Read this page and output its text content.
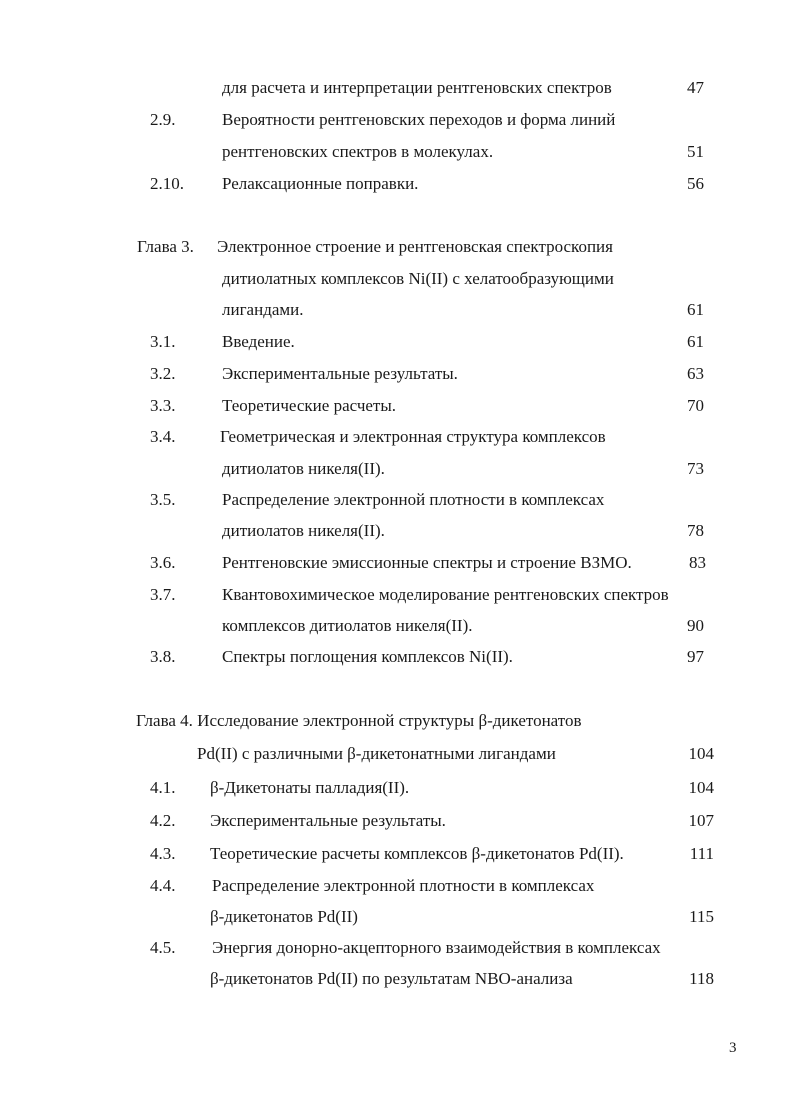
для расчета и интерпретации рентгеновских спектров	47
2.9.	Вероятности рентгеновских переходов и форма линий
рентгеновских спектров в молекулах.	51
2.10. Релаксационные поправки.	56
Глава 3. Электронное строение и рентгеновская спектроскопия
дитиолатных комплексов Ni(II) с хелатообразующими
лигандами.	61
3.1.	Введение.	61
3.2.	Экспериментальные результаты.	63
3.3.	Теоретические расчеты.	70
3.4.	Геометрическая и электронная структура комплексов
дитиолатов никеля(II).	73
3.5.	Распределение электронной плотности в комплексах
дитиолатов никеля(II).	78
3.6.	Рентгеновские эмиссионные спектры и строение ВЗМО.	83
3.7.	Квантовохимическое моделирование рентгеновских спектров
комплексов дитиолатов никеля(II).	90
3.8.	Спектры поглощения комплексов Ni(II).	97
Глава 4. Исследование электронной структуры β-дикетонатов
Pd(II) с различными β-дикетонатными лигандами	104
4.1. β-Дикетонаты палладия(II).	104
4.2. Экспериментальные результаты.	107
4.3. Теоретические расчеты комплексов β-дикетонатов Pd(II).	111
4.4. Распределение электронной плотности в комплексах
β-дикетонатов Pd(II)	115
4.5. Энергия донорно-акцепторного взаимодействия в комплексах
β-дикетонатов Pd(II) по результатам NBO-анализа	118
3
